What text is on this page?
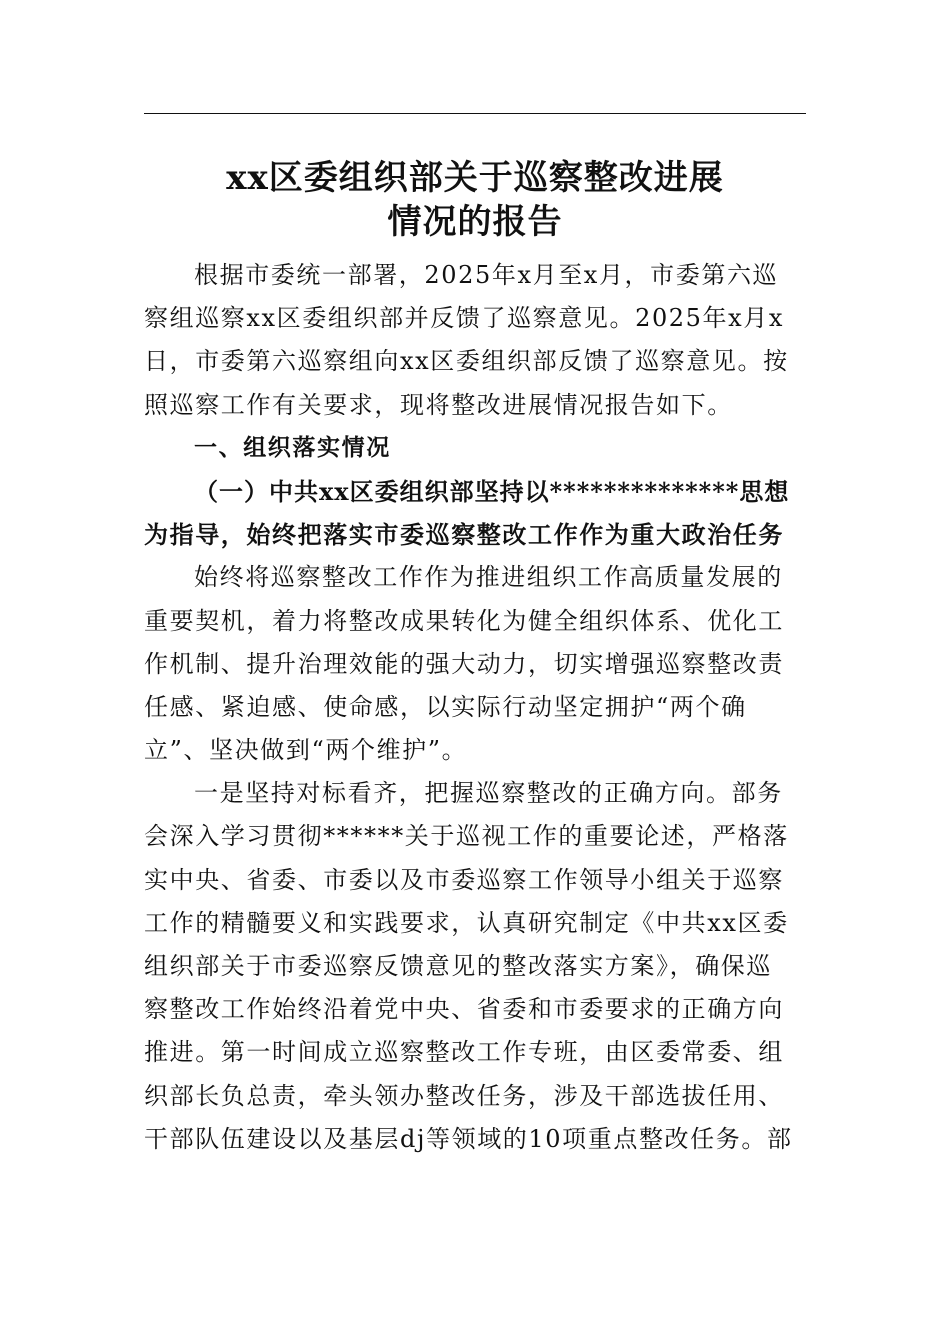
xx区委组织部关于巡察整改进展
情况的报告
根据市委统一部署，2025年x月至x月，市委第六巡
察组巡察xx区委组织部并反馈了巡察意见。2025年x月x
日，市委第六巡察组向xx区委组织部反馈了巡察意见。按
照巡察工作有关要求，现将整改进展情况报告如下。
一、组织落实情况
（一）中共xx区委组织部坚持以**************思想
为指导，始终把落实市委巡察整改工作作为重大政治任务
始终将巡察整改工作作为推进组织工作高质量发展的
重要契机，着力将整改成果转化为健全组织体系、优化工
作机制、提升治理效能的强大动力，切实增强巡察整改责
任感、紧迫感、使命感，以实际行动坚定拥护“两个确
立”、坚决做到“两个维护”。
一是坚持对标看齐，把握巡察整改的正确方向。部务
会深入学习贯彻******关于巡视工作的重要论述，严格落
实中央、省委、市委以及市委巡察工作领导小组关于巡察
工作的精髓要义和实践要求，认真研究制定《中共xx区委
组织部关于市委巡察反馈意见的整改落实方案》，确保巡
察整改工作始终沿着党中央、省委和市委要求的正确方向
推进。第一时间成立巡察整改工作专班，由区委常委、组
织部长负总责，牵头领办整改任务，涉及干部选拔任用、
干部队伍建设以及基层dj等领域的10项重点整改任务。部
